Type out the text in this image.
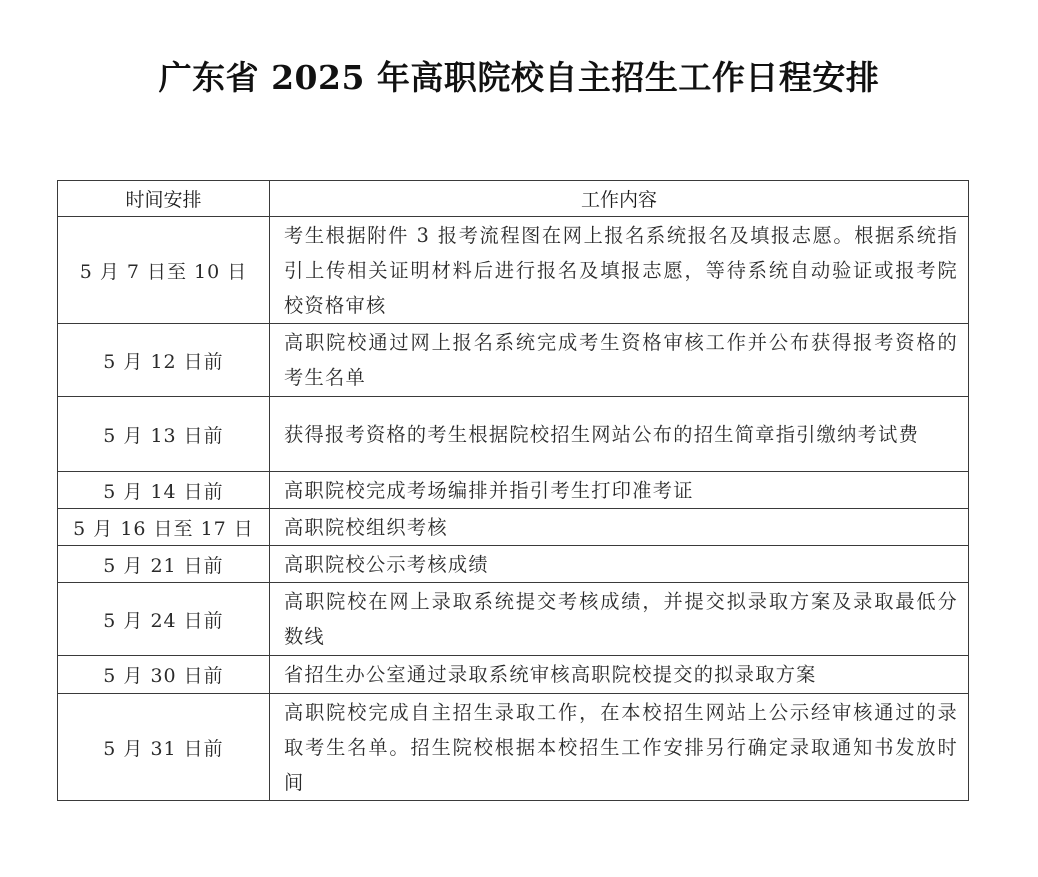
广东省 2025 年高职院校自主招生工作日程安排
时间安排	工作内容
5 月 7 日至 10 日	考生根据附件 3 报考流程图在网上报名系统报名及填报志愿。根据系统指引上传相关证明材料后进行报名及填报志愿，等待系统自动验证或报考院校资格审核
5 月 12 日前	高职院校通过网上报名系统完成考生资格审核工作并公布获得报考资格的考生名单
5 月 13 日前	获得报考资格的考生根据院校招生网站公布的招生简章指引缴纳考试费
5 月 14 日前	高职院校完成考场编排并指引考生打印准考证
5 月 16 日至 17 日	高职院校组织考核
5 月 21 日前	高职院校公示考核成绩
5 月 24 日前	高职院校在网上录取系统提交考核成绩，并提交拟录取方案及录取最低分数线
5 月 30 日前	省招生办公室通过录取系统审核高职院校提交的拟录取方案
5 月 31 日前	高职院校完成自主招生录取工作，在本校招生网站上公示经审核通过的录取考生名单。招生院校根据本校招生工作安排另行确定录取通知书发放时间
